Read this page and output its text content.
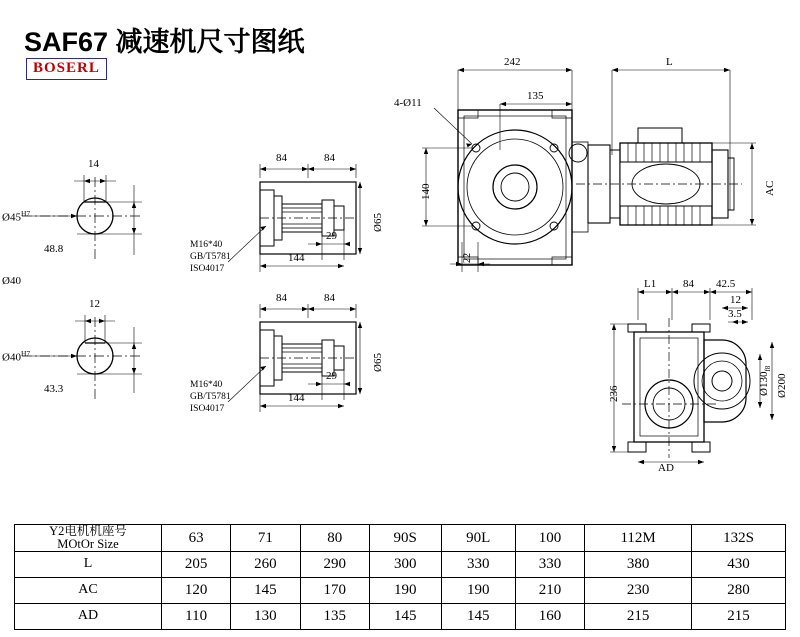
SAF67 减速机尺寸图纸
BOSERL
14
$Ø45^{H7}$
48.8
Ø40
12
$Ø40^{H7}$
43.3
84	84
29
144
Ø65
M16*40
GB/T5781
ISO4017
84	84
29
144
Ø65
M16*40
GB/T5781
ISO4017
242	L
135
4-Ø11
140
22
AC
L1 84 42.5
12
3.5
236	$Ø130_{f8}$
Ø200
AD
Y2电机机座号
MOtOr Size	63	71	80	90S	90L	100	112M	132S
L	205	260	290	300	330	330	380	430
AC	120	145	170	190	190	210	230	280
AD	110	130	135	145	145	160	215	215
